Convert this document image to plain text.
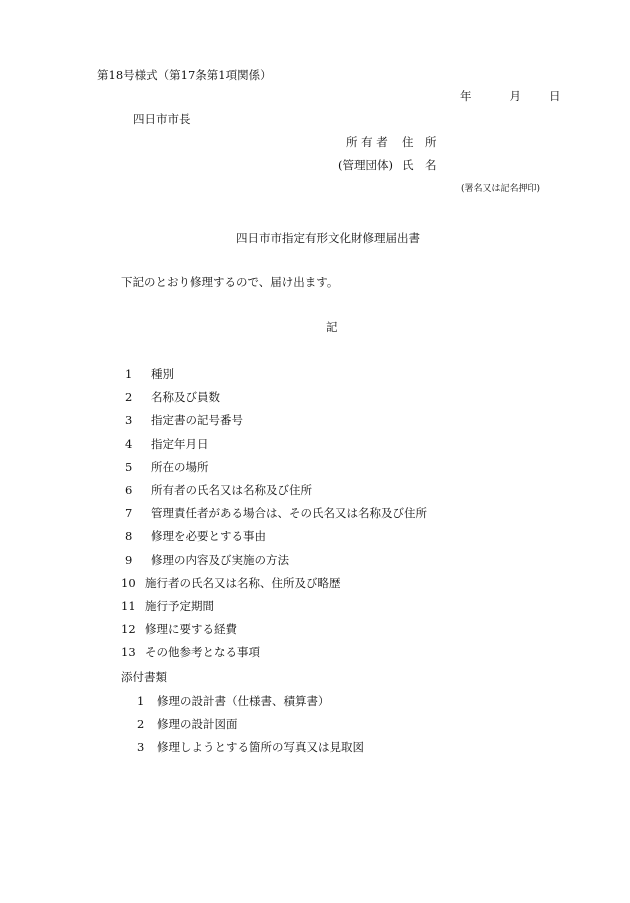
第18号様式（第17条第1項関係）
年	月 日
四日市市長
所 有 者 住　所
(管理団体) 氏　名
(署名又は記名押印)
四日市市指定有形文化財修理届出書
下記のとおり修理するので、届け出ます。
記
1 種別
2 名称及び員数
3 指定書の記号番号
4 指定年月日
5 所在の場所
6 所有者の氏名又は名称及び住所
7 管理責任者がある場合は、その氏名又は名称及び住所
8 修理を必要とする事由
9 修理の内容及び実施の方法
10 施行者の氏名又は名称、住所及び略歴
11 施行予定期間
12 修理に要する経費
13 その他参考となる事項
添付書類
1 修理の設計書（仕様書、積算書）
2 修理の設計図面
3 修理しようとする箇所の写真又は見取図
